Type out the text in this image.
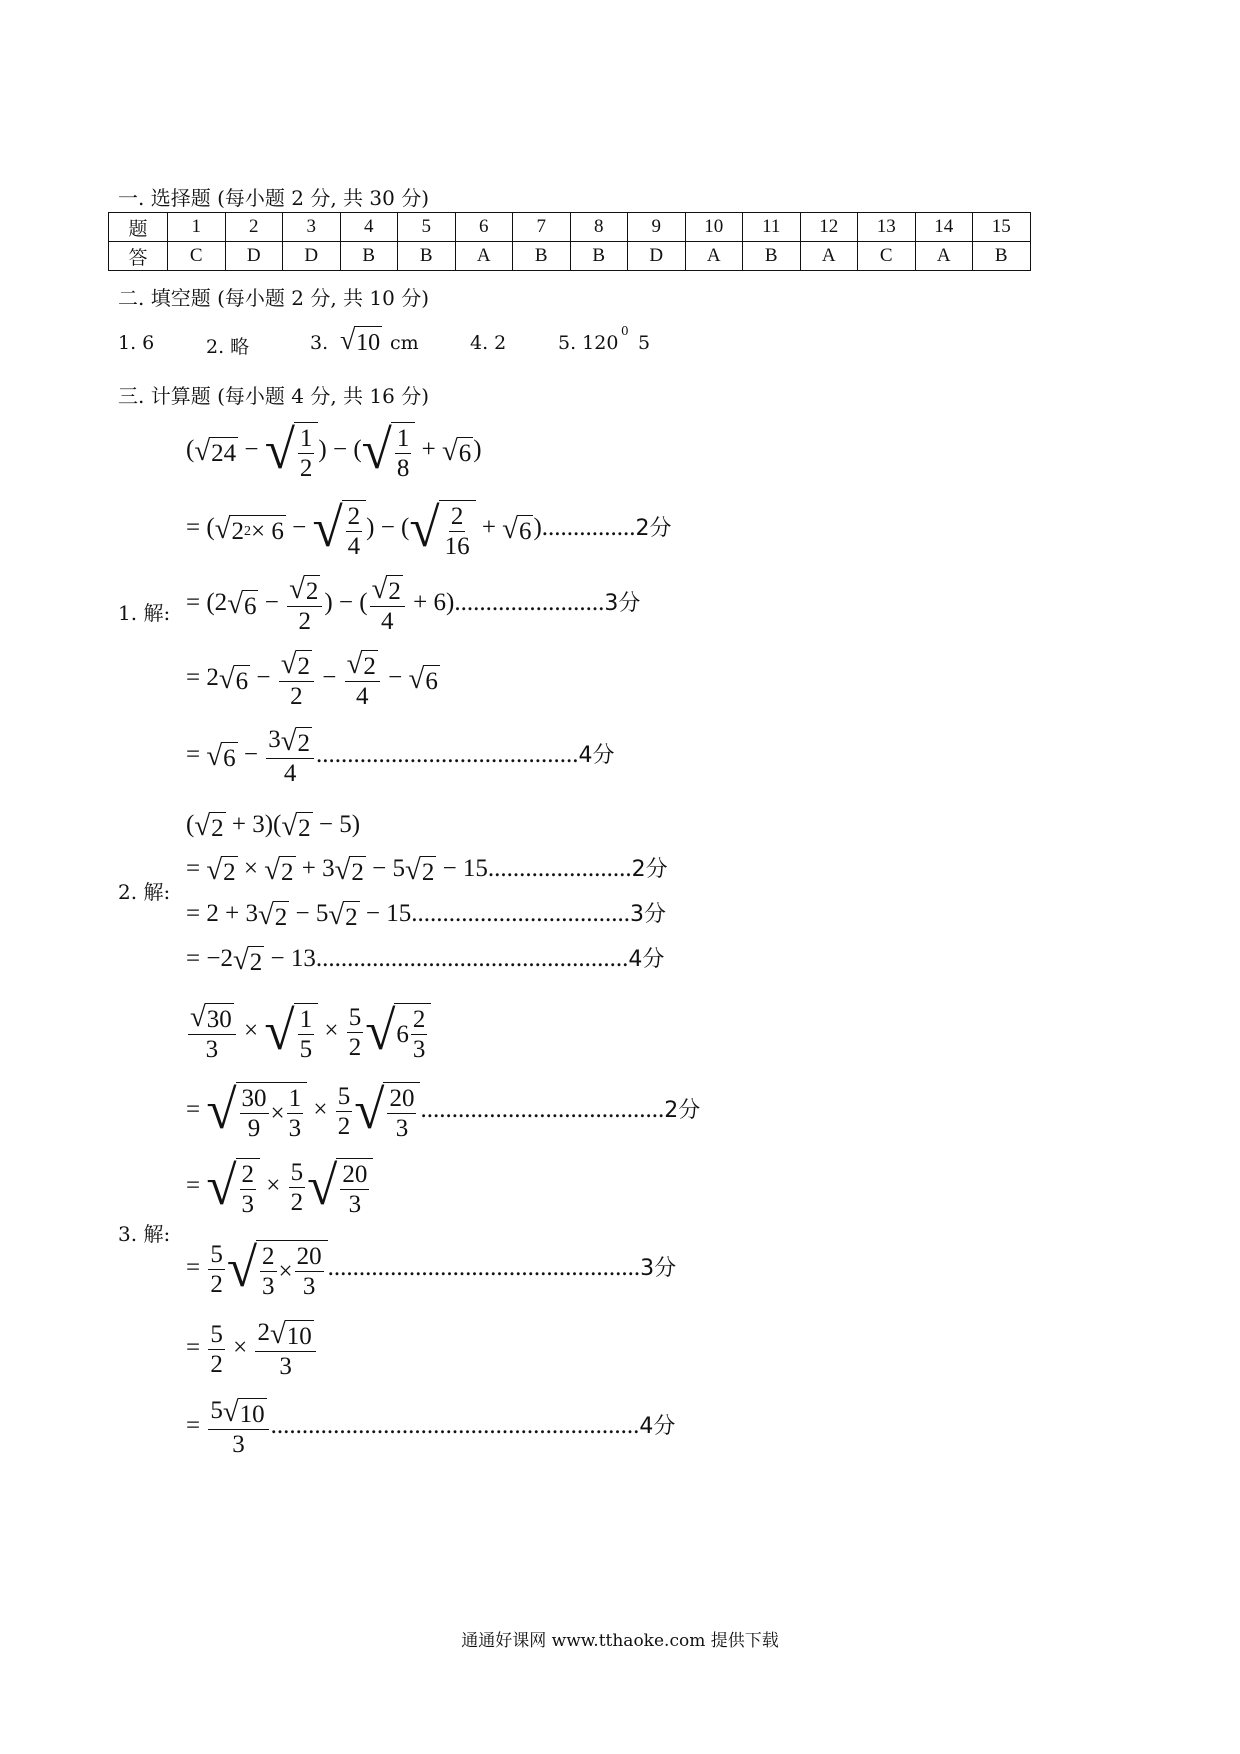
一. 选择题 (每小题 2 分, 共 30 分)
题	1	2	3	4	5	6	7	8	9	10	11	12	13	14	15
答	C	D	D	B	B	A	B	B	D	A	B	A	C	A	B
二. 填空题 (每小题 2 分, 共 10 分)
1. 6	2. 略	3. √ 10 cm	4. 2	5. 120
0
5
三. 计算题 (每小题 4 分, 共 16 分)
1. 解:
( √ 24 − √ $\frac{1}{2}$ ) − ( √ $\frac{1}{8}$ + √ 6 )
= ( √ 2 2 × 6 − √ $\frac{2}{4}$ ) − ( √ $\frac{2}{16}$ + √ 6 )...............2分
= (2 √ $6 - \frac{√ 2}{2}$ ) − ( $\frac{√ 2}{4} + 6)........................3$分
= 2 √ $6 - \frac{√ 2}{2} - \frac{√ 2}{4}$ − √ 6
= √ $6 - \frac{3 √ 2}{4} ..........................................4$分
2. 解:
( √ 2 + 3)( √ 2 − 5)
= √ 2 × √ 2 + 3 √ 2 − 5 √ 2 − 15.......................2分
= 2 + 3 √ 2 − 5 √ 2 − 15...................................3分
= −2 √ 2 − 13..................................................4分
3. 解:
$\frac{√ 30}{3}$ × √ $\frac{1}{5} \times \frac{5}{2}$ √ $6 \frac{2}{3}$
= √ $\frac{30}{9} \times \frac{1}{3} \times \frac{5}{2}$ √ $\frac{20}{3} .......................................2$分
= √ $\frac{2}{3} \times \frac{5}{2}$ √ $\frac{20}{3}$
= $\frac{5}{2}$ √ $\frac{2}{3} \times \frac{20}{3} ..................................................3$分
= $\frac{5}{2} \times \frac{2 √ 10}{3}$
= $\frac{5 √ 10}{3} ...........................................................4$分
通通好课网 www.tthaoke.com 提供下载
